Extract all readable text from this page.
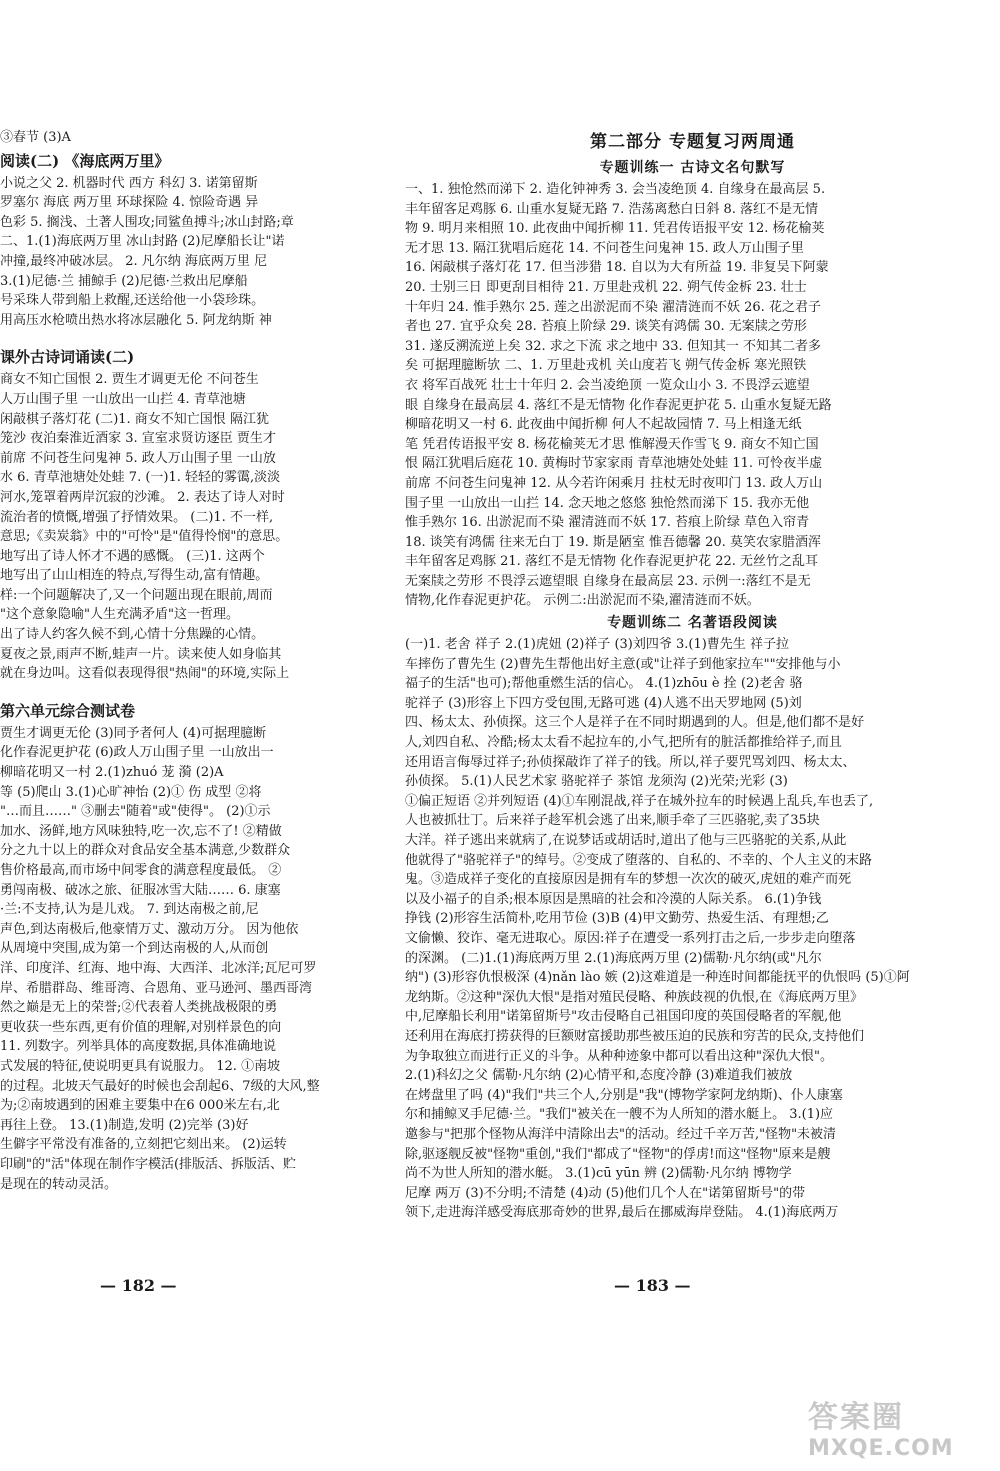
③春节 (3)A
阅读(二) 《海底两万里》
小说之父 2. 机器时代 西方 科幻 3. 诺第留斯
罗塞尔 海底 两万里 环球探险 4. 惊险奇遇 异
色彩 5. 搁浅、土著人围攻;同鲨鱼搏斗;冰山封路;章
二、1.(1)海底两万里 冰山封路 (2)尼摩船长让"诺
冲撞,最终冲破冰层。 2. 凡尔纳 海底两万里 尼
3.(1)尼德·兰 捕鲸手 (2)尼德·兰救出尼摩船
号采珠人带到船上救醒,还送给他一小袋珍珠。
用高压水枪喷出热水将冰层融化 5. 阿龙纳斯 神
课外古诗词诵读(二)
商女不知亡国恨 2. 贾生才调更无伦 不问苍生
人万山围子里 一山放出一山拦 4. 青草池塘
闲敲棋子落灯花 (二)1. 商女不知亡国恨 隔江犹
笼沙 夜泊秦淮近酒家 3. 宣室求贤访逐臣 贾生才
前席 不问苍生问鬼神 5. 政人万山围子里 一山放
水 6. 青草池塘处处蛙 7. (一)1. 轻轻的雾霭,淡淡
河水,笼罩着两岸沉寂的沙滩。 2. 表达了诗人对时
流治者的愤慨,增强了抒情效果。 (二)1. 不一样,
意思;《卖炭翁》中的"可怜"是"值得怜悯"的意思。
地写出了诗人怀才不遇的感慨。 (三)1. 这两个
地写出了山山相连的特点,写得生动,富有情趣。
样:一个问题解决了,又一个问题出现在眼前,周而
"这个意象隐喻"人生充满矛盾"这一哲理。
出了诗人约客久候不到,心情十分焦躁的心情。
夏夜之景,雨声不断,蛙声一片。读来使人如身临其
就在身边叫。这看似表现得很"热闹"的环境,实际上
第六单元综合测试卷
贾生才调更无伦 (3)同予者何人 (4)可据理臆断
化作春泥更护花 (6)政人万山围子里 一山放出一
柳暗花明又一村 2.(1)zhuó 茏 漪 (2)A
等 (5)爬山 3.(1)心旷神怡 (2)① 伤 成型 ②将
"…而且……" ③删去"随着"或"使得"。 (2)①示
加水、汤鲜,地方风味独特,吃一次,忘不了! ②精做
分之九十以上的群众对食品安全基本满意,少数群众
售价格最高,而市场中间零食的满意程度最低。 ②
勇闯南极、破冰之旅、征服冰雪大陆…… 6. 康塞
·兰:不支持,认为是儿戏。 7. 到达南极之前,尼
声色,到达南极后,他豪情万丈、激动万分。 因为他依
从周境中突围,成为第一个到达南极的人,从而创
洋、印度洋、红海、地中海、大西洋、北冰洋;瓦尼可罗
岸、希腊群岛、维哥湾、合恩角、亚马逊河、墨西哥湾
然之巅是无上的荣誉;②代表着人类挑战极限的勇
更收获一些东西,更有价值的理解,对别样景色的向
11. 列数字。列举具体的高度数据,具体准确地说
式发展的特征,使说明更具有说服力。 12. ①南坡
的过程。北坡天气最好的时候也会刮起6、7级的大风,整
为;②南坡遇到的困难主要集中在6 000米左右,北
再往上登。 13.(1)制造,发明 (2)完举 (3)好
生僻字平常没有准备的,立刻把它刻出来。 (2)运转
印刷"的"活"体现在制作字模活(排版活、拆版活、贮
是现在的转动灵活。
第二部分 专题复习两周通
专题训练一 古诗文名句默写
一、1. 独怆然而涕下 2. 造化钟神秀 3. 会当凌绝顶 4. 自缘身在最高层 5.
丰年留客足鸡豚 6. 山重水复疑无路 7. 浩荡离愁白日斜 8. 落红不是无情
物 9. 明月来相照 10. 此夜曲中闻折柳 11. 凭君传语报平安 12. 杨花榆荚
无才思 13. 隔江犹唱后庭花 14. 不问苍生问鬼神 15. 政人万山围子里
16. 闲敲棋子落灯花 17. 但当涉猎 18. 自以为大有所益 19. 非复吴下阿蒙
20. 士别三日 即更刮目相待 21. 万里赴戎机 22. 朔气传金柝 23. 壮士
十年归 24. 惟手熟尔 25. 莲之出淤泥而不染 濯清涟而不妖 26. 花之君子
者也 27. 宜乎众矣 28. 苔痕上阶绿 29. 谈笑有鸿儒 30. 无案牍之劳形
31. 遂反溯流逆上矣 32. 求之下流 求之地中 33. 但知其一 不知其二者多
矣 可据理臆断欤 二、1. 万里赴戎机 关山度若飞 朔气传金柝 寒光照铁
衣 将军百战死 壮士十年归 2. 会当凌绝顶 一览众山小 3. 不畏浮云遮望
眼 自缘身在最高层 4. 落红不是无情物 化作春泥更护花 5. 山重水复疑无路
柳暗花明又一村 6. 此夜曲中闻折柳 何人不起故园情 7. 马上相逢无纸
笔 凭君传语报平安 8. 杨花榆荚无才思 惟解漫天作雪飞 9. 商女不知亡国
恨 隔江犹唱后庭花 10. 黄梅时节家家雨 青草池塘处处蛙 11. 可怜夜半虚
前席 不问苍生问鬼神 12. 从今若许闲乘月 拄杖无时夜叩门 13. 政人万山
围子里 一山放出一山拦 14. 念天地之悠悠 独怆然而涕下 15. 我亦无他
惟手熟尔 16. 出淤泥而不染 濯清涟而不妖 17. 苔痕上阶绿 草色入帘青
18. 谈笑有鸿儒 往来无白丁 19. 斯是陋室 惟吾德馨 20. 莫笑农家腊酒浑
丰年留客足鸡豚 21. 落红不是无情物 化作春泥更护花 22. 无丝竹之乱耳
无案牍之劳形 不畏浮云遮望眼 自缘身在最高层 23. 示例一:落红不是无
情物,化作春泥更护花。 示例二:出淤泥而不染,濯清涟而不妖。
专题训练二 名著语段阅读
(一)1. 老舍 祥子 2.(1)虎妞 (2)祥子 (3)刘四爷 3.(1)曹先生 祥子拉
车摔伤了曹先生 (2)曹先生帮他出好主意(或"让祥子到他家拉车""安排他与小
福子的生活"也可);帮他重燃生活的信心。 4.(1)zhōu è 拴 (2)老舍 骆
驼祥子 (3)形容上下四方受包围,无路可逃 (4)人逃不出天罗地网 (5)刘
四、杨太太、孙侦探。这三个人是祥子在不同时期遇到的人。但是,他们都不是好
人,刘四自私、冷酷;杨太太看不起拉车的,小气,把所有的脏活都推给祥子,而且
还用语言侮辱过祥子;孙侦探敲诈了祥子的钱。所以,祥子要咒骂刘四、杨太太、
孙侦探。 5.(1)人民艺术家 骆驼祥子 茶馆 龙须沟 (2)光荣;光彩 (3)
①偏正短语 ②并列短语 (4)①车刚混战,祥子在城外拉车的时候遇上乱兵,车也丢了,
人也被抓壮丁。后来祥子趁军机会逃了出来,顺手牵了三匹骆驼,卖了35块
大洋。祥子逃出来就病了,在说梦话或胡话时,道出了他与三匹骆驼的关系,从此
他就得了"骆驼祥子"的绰号。②变成了堕落的、自私的、不幸的、个人主义的末路
鬼。③造成祥子变化的直接原因是拥有车的梦想一次次的破灭,虎妞的难产而死
以及小福子的自杀;根本原因是黑暗的社会和冷漠的人际关系。 6.(1)争钱
挣钱 (2)形容生活简朴,吃用节俭 (3)B (4)甲文勤劳、热爱生活、有理想;乙
文偷懒、狡诈、毫无进取心。原因:祥子在遭受一系列打击之后,一步步走向堕落
的深渊。 (二)1.(1)海底两万里 2.(1)海底两万里 (2)儒勒·凡尔纳(或"凡尔
纳") (3)形容仇恨极深 (4)nǎn lào 嫉 (2)这难道是一种连时间都能抚平的仇恨吗 (5)①阿
龙纳斯。②这种"深仇大恨"是指对殖民侵略、种族歧视的仇恨,在《海底两万里》
中,尼摩船长利用"诺第留斯号"攻击侵略自己祖国印度的英国侵略者的军舰,他
还利用在海底打捞获得的巨额财富援助那些被压迫的民族和穷苦的民众,支持他们
为争取独立而进行正义的斗争。从种种迹象中都可以看出这种"深仇大恨"。
2.(1)科幻之父 儒勒·凡尔纳 (2)心情平和,态度冷静 (3)难道我们被放
在烤盘里了吗 (4)"我们"共三个人,分别是"我"(博物学家阿龙纳斯)、仆人康塞
尔和捕鲸叉手尼德·兰。"我们"被关在一艘不为人所知的潜水艇上。 3.(1)应
邀参与"把那个怪物从海洋中清除出去"的活动。经过千辛万苦,"怪物"未被清
除,驱逐舰反被"怪物"重创,"我们"都成了"怪物"的俘虏!而这"怪物"原来是艘
尚不为世人所知的潜水艇。 3.(1)cū yūn 辨 (2)儒勒·凡尔纳 博物学
尼摩 两万 (3)不分明;不清楚 (4)动 (5)他们几个人在"诺第留斯号"的带
领下,走进海洋感受海底那奇妙的世界,最后在挪威海岸登陆。 4.(1)海底两万
— 182 —	— 183 —
答案圈
MXQE.COM
